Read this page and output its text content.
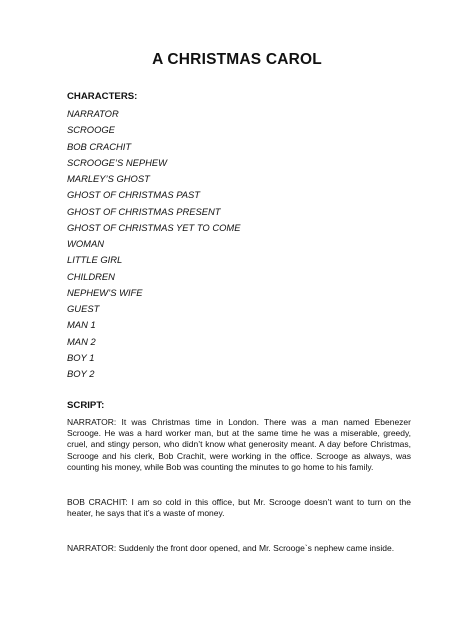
A CHRISTMAS CAROL
CHARACTERS:
NARRATOR
SCROOGE
BOB CRACHIT
SCROOGE’S NEPHEW
MARLEY’S GHOST
GHOST OF CHRISTMAS PAST
GHOST OF CHRISTMAS PRESENT
GHOST OF CHRISTMAS YET TO COME
WOMAN
LITTLE GIRL
CHILDREN
NEPHEW’S WIFE
GUEST
MAN 1
MAN 2
BOY 1
BOY 2
SCRIPT:

NARRATOR: It was Christmas time in London. There was a man named Ebenezer Scrooge. He was a hard worker man, but at the same time he was a miserable, greedy, cruel, and stingy person, who didn’t know what generosity meant. A day before Christmas, Scrooge and his clerk, Bob Crachit, were working in the office. Scrooge as always, was counting his money, while Bob was counting the minutes to go home to his family.

BOB CRACHIT: I am so cold in this office, but Mr. Scrooge doesn’t want to turn on the heater, he says that it’s a waste of money.

NARRATOR: Suddenly the front door opened, and Mr. Scrooge`s nephew came inside.
